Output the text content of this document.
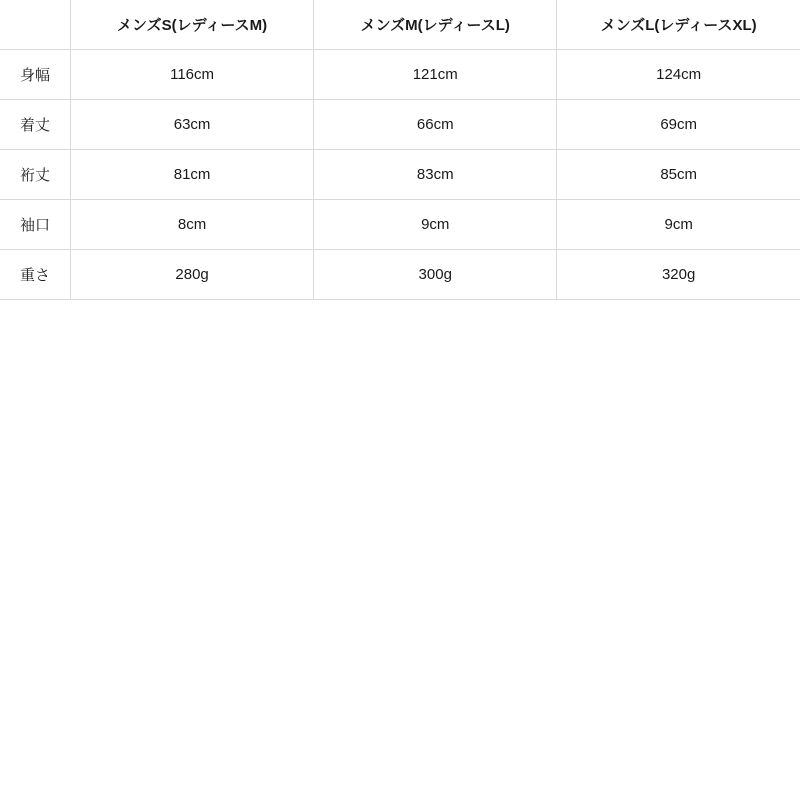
	メンズS(レディースM)	メンズM(レディースL)	メンズL(レディースXL)
身幅	116cm	121cm	124cm
着丈	63cm	66cm	69cm
裄丈	81cm	83cm	85cm
袖口	8cm	9cm	9cm
重さ	280g	300g	320g
